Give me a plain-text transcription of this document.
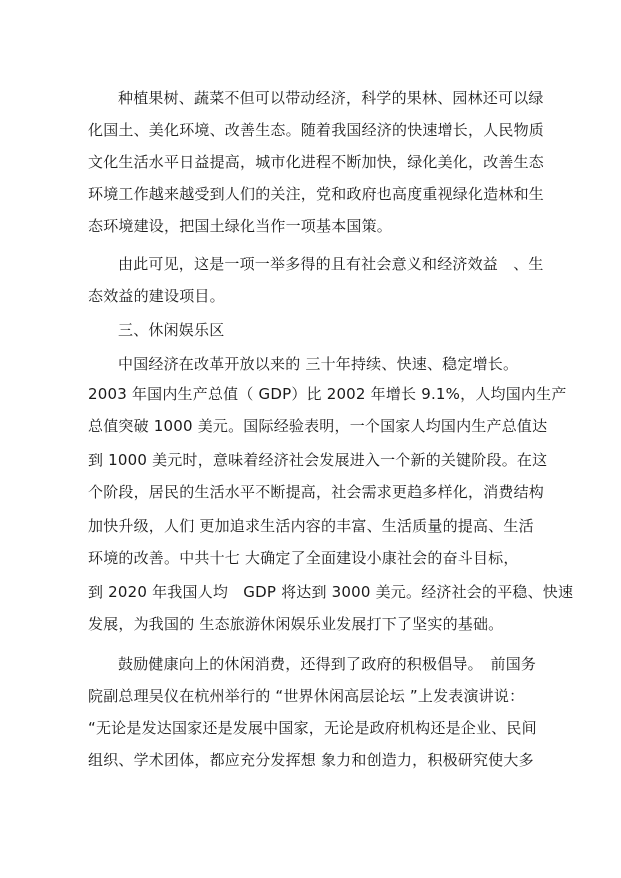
种植果树、蔬菜不但可以带动经济，科学的果林、园林还可以绿
化国土、美化环境、改善生态。随着我国经济的快速增长，人民物质
文化生活水平日益提高，城市化进程不断加快，绿化美化，改善生态
环境工作越来越受到人们的关注，党和政府也高度重视绿化造林和生
态环境建设，把国土绿化当作一项基本国策。
由此可见，这是一项一举多得的且有社会意义和经济效益　、生
态效益的建设项目。
三、休闲娱乐区
中国经济在改革开放以来的 三十年持续、快速、稳定增长。
2003 年国内生产总值（ GDP）比 2002 年增长 9.1%，人均国内生产
总值突破 1000 美元。国际经验表明，一个国家人均国内生产总值达
到 1000 美元时，意味着经济社会发展进入一个新的关键阶段。在这
个阶段，居民的生活水平不断提高，社会需求更趋多样化，消费结构
加快升级，人们 更加追求生活内容的丰富、生活质量的提高、生活
环境的改善。中共十七 大确定了全面建设小康社会的奋斗目标，
到 2020 年我国人均　GDP 将达到 3000 美元。经济社会的平稳、快速
发展，为我国的 生态旅游休闲娱乐业发展打下了坚实的基础。
鼓励健康向上的休闲消费，还得到了政府的积极倡导。　前国务
院副总理吴仪在杭州举行的 “世界休闲高层论坛 ”上发表演讲说：
“无论是发达国家还是发展中国家，无论是政府机构还是企业、民间
组织、学术团体，都应充分发挥想 象力和创造力，积极研究使大多
